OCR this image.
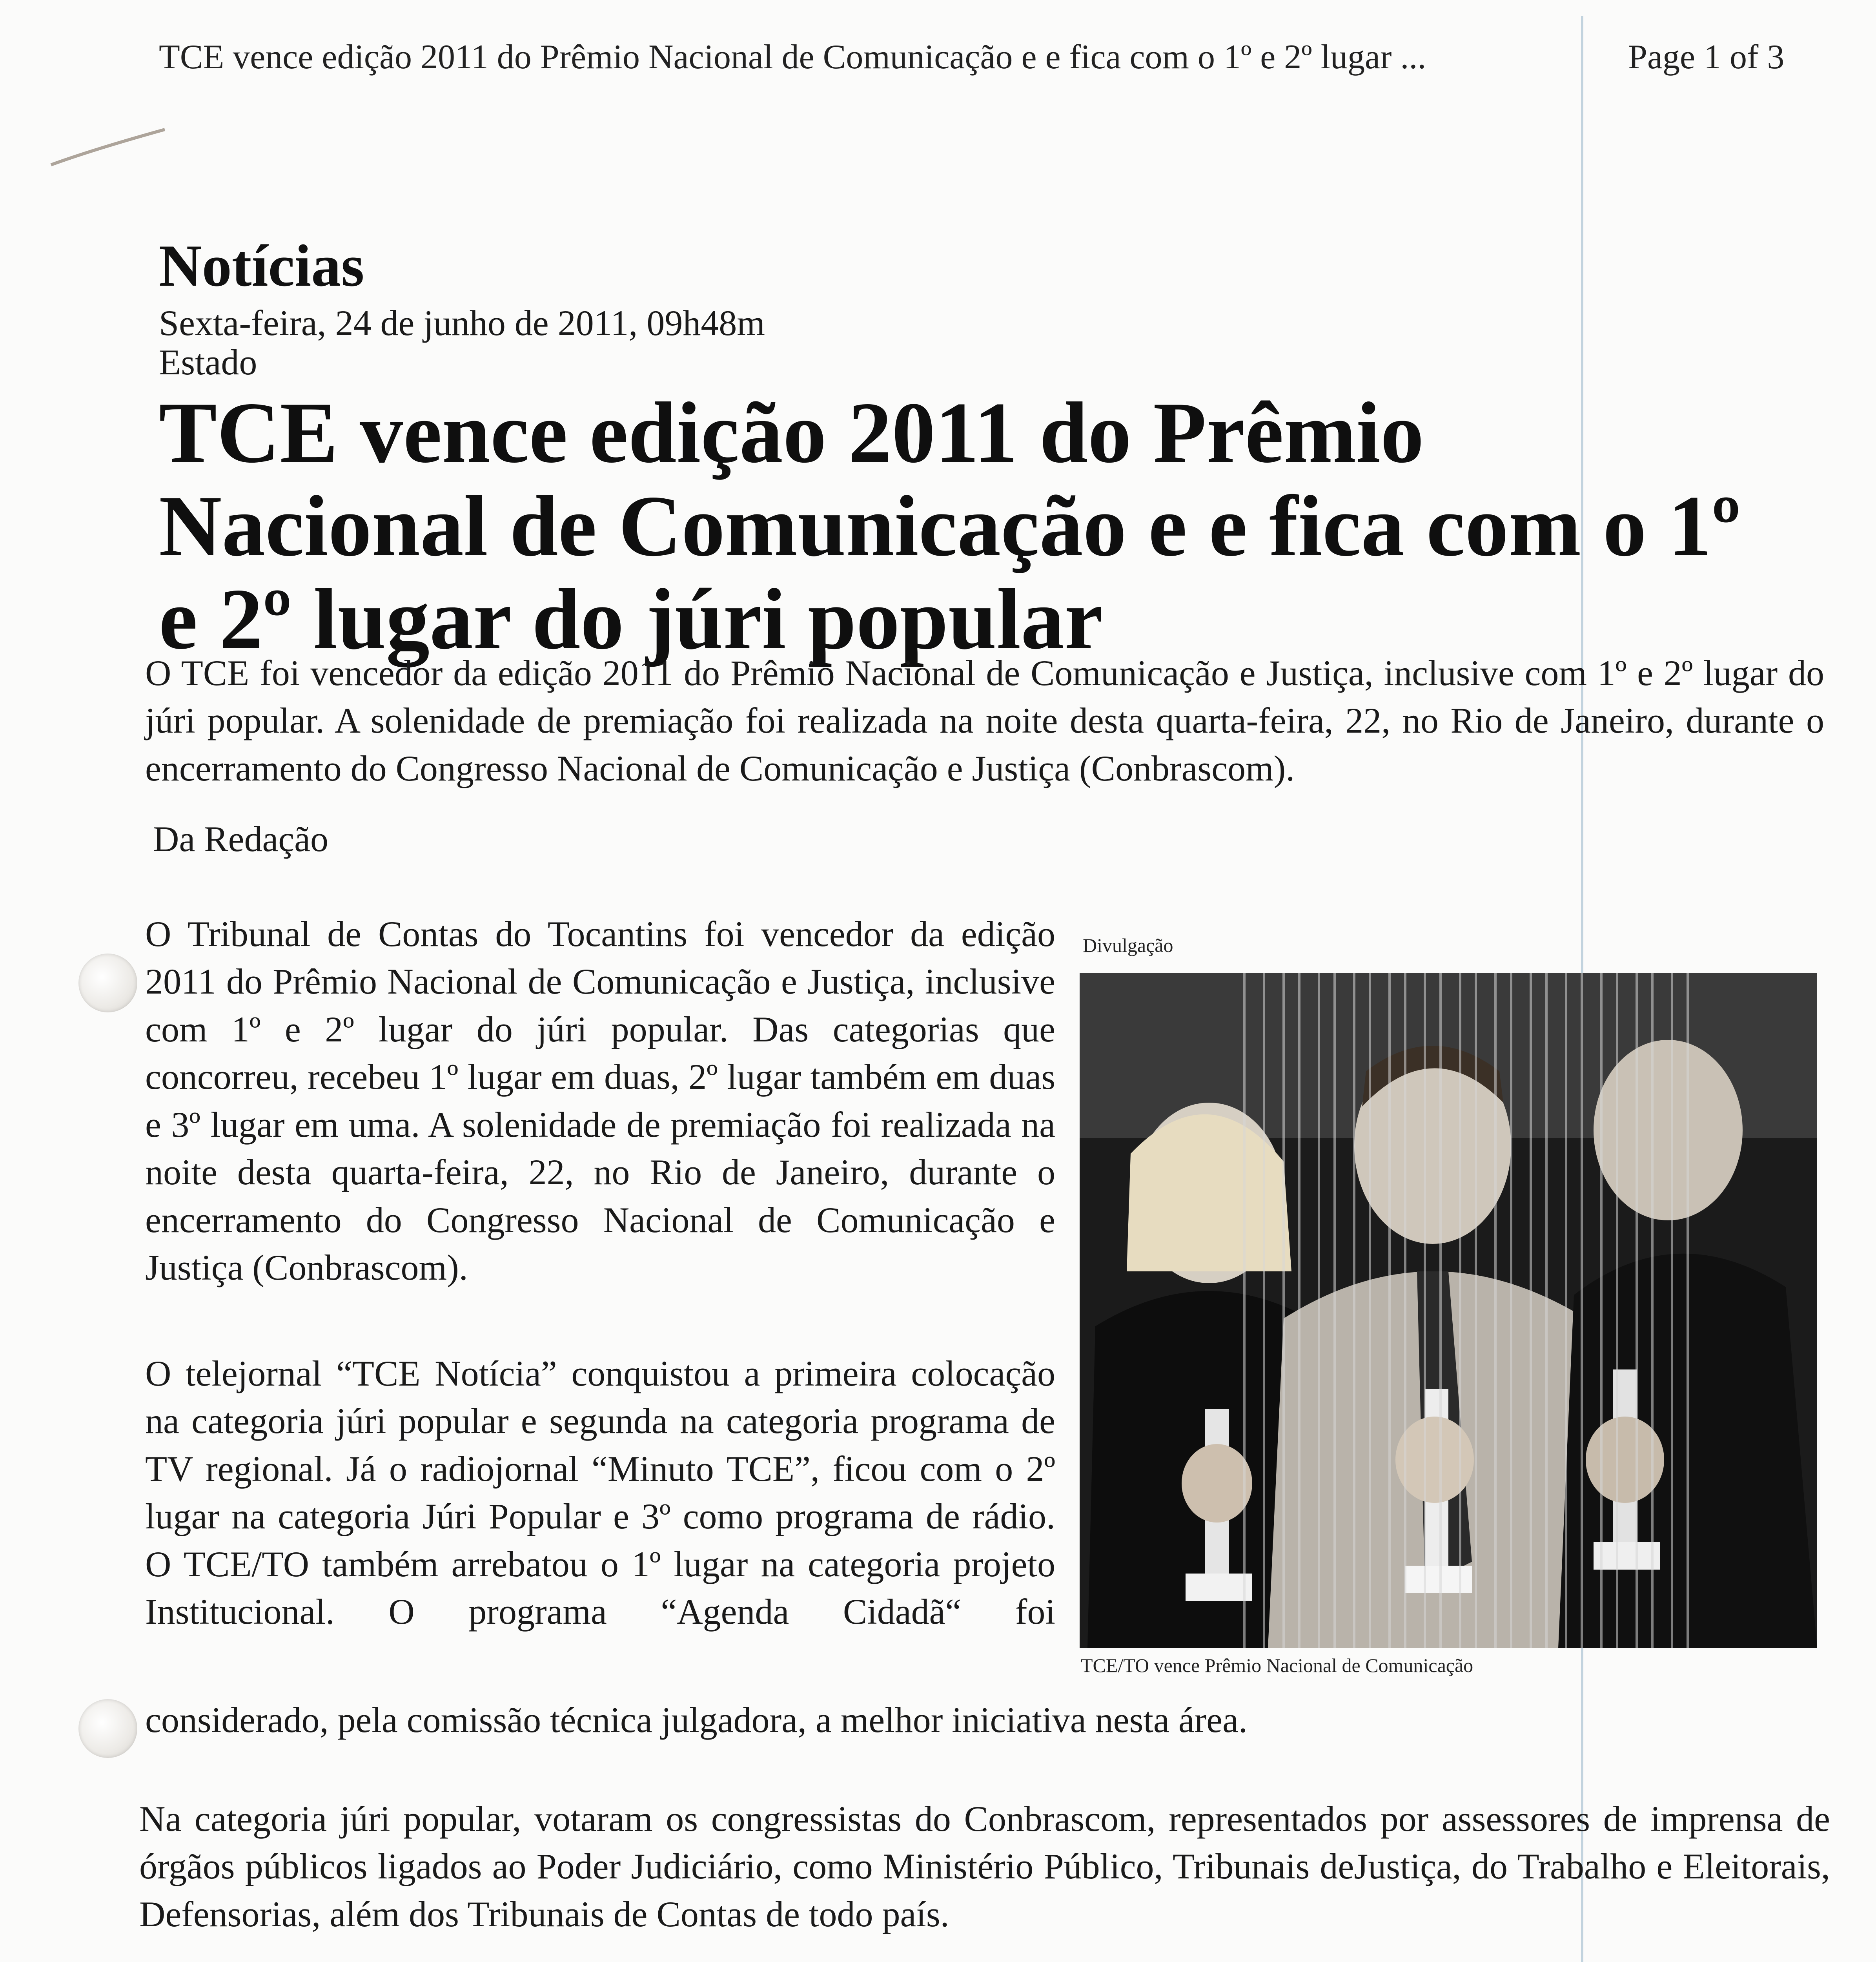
TCE vence edição 2011 do Prêmio Nacional de Comunicação e e fica com o 1º e 2º lugar ...	Page 1 of 3
Notícias
Sexta-feira, 24 de junho de 2011, 09h48m
Estado
TCE vence edição 2011 do Prêmio Nacional de Comunicação e e fica com o 1º e 2º lugar do júri popular
O TCE foi vencedor da edição 2011 do Prêmio Nacional de Comunicação e Justiça, inclusive com 1º e 2º lugar do júri popular. A solenidade de premiação foi realizada na noite desta quarta-feira, 22, no Rio de Janeiro, durante o encerramento do Congresso Nacional de Comunicação e Justiça (Conbrascom).
Da Redação
O Tribunal de Contas do Tocantins foi vencedor da edição 2011 do Prêmio Nacional de Comunicação e Justiça, inclusive com 1º e 2º lugar do júri popular. Das categorias que concorreu, recebeu 1º lugar em duas, 2º lugar também em duas e 3º lugar em uma. A solenidade de premiação foi realizada na noite desta quarta-feira, 22, no Rio de Janeiro, durante o encerramento do Congresso Nacional de Comunicação e Justiça (Conbrascom).
O telejornal “TCE Notícia” conquistou a primeira colocação na categoria júri popular e segunda na categoria programa de TV regional. Já o radiojornal “Minuto TCE”, ficou com o 2º lugar na categoria Júri Popular e 3º como programa de rádio. O TCE/TO também arrebatou o 1º lugar na categoria projeto Institucional. O programa “Agenda Cidadã“ foi
considerado, pela comissão técnica julgadora, a melhor iniciativa nesta área.
Divulgação
TCE/TO vence Prêmio Nacional de Comunicação
Na categoria júri popular, votaram os congressistas do Conbrascom, representados por assessores de imprensa de órgãos públicos ligados ao Poder Judiciário, como Ministério Público, Tribunais deJustiça, do Trabalho e Eleitorais, Defensorias, além dos Tribunais de Contas de todo país.
